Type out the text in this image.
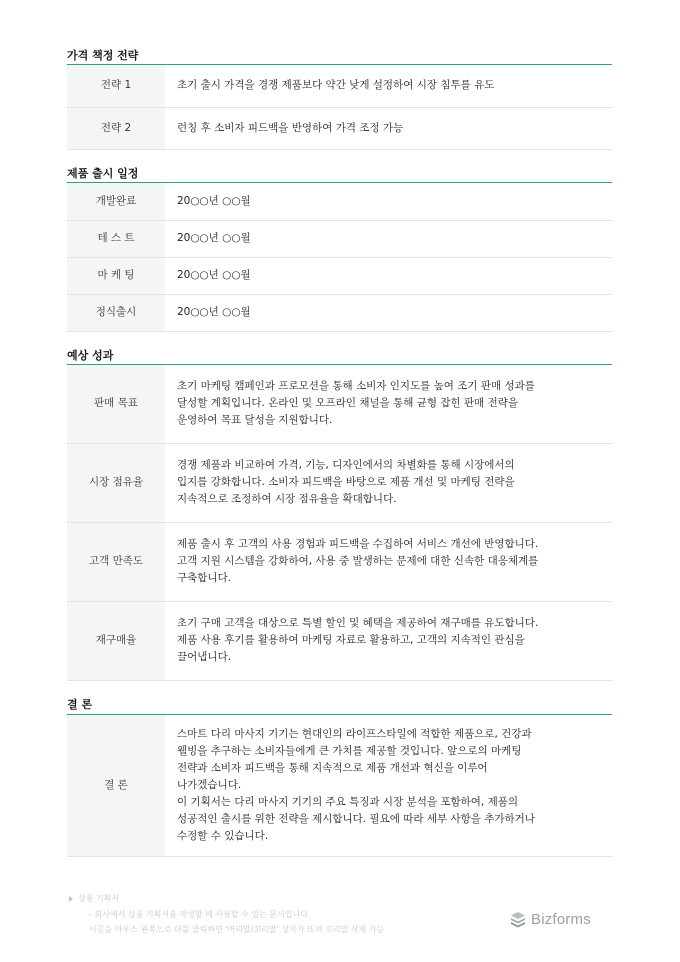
가격 책정 전략
전략 1	초기 출시 가격을 경쟁 제품보다 약간 낮게 설정하여 시장 침투를 유도
전략 2	런칭 후 소비자 피드백을 반영하여 가격 조정 가능
제품 출시 일정
개발완료	20○○년 ○○월
테 스 트	20○○년 ○○월
마 케 팅	20○○년 ○○월
정식출시	20○○년 ○○월
예상 성과
판매 목표	초기 마케팅 캠페인과 프로모션을 통해 소비자 인지도를 높여 조기 판매 성과를
달성할 계획입니다. 온라인 및 오프라인 채널을 통해 균형 잡힌 판매 전략을
운영하여 목표 달성을 지원합니다.

시장 점유율	경쟁 제품과 비교하여 가격, 기능, 디자인에서의 차별화를 통해 시장에서의
입지를 강화합니다. 소비자 피드백을 바탕으로 제품 개선 및 마케팅 전략을
지속적으로 조정하여 시장 점유율을 확대합니다.

고객 만족도	제품 출시 후 고객의 사용 경험과 피드백을 수집하여 서비스 개선에 반영합니다.
고객 지원 시스템을 강화하여, 사용 중 발생하는 문제에 대한 신속한 대응체계를
구축합니다.

재구매율	초기 구매 고객을 대상으로 특별 할인 및 혜택을 제공하여 재구매를 유도합니다.
제품 사용 후기를 활용하여 마케팅 자료로 활용하고, 고객의 지속적인 관심을
끌어냅니다.
결 론
결 론	
스마트 다리 마사지 기기는 현대인의 라이프스타일에 적합한 제품으로, 건강과
웰빙을 추구하는 소비자들에게 큰 가치를 제공할 것입니다. 앞으로의 마케팅
전략과 소비자 피드백을 통해 지속적으로 제품 개선과 혁신을 이루어
나가겠습니다.
이 기획서는 다리 마사지 기기의 주요 특징과 시장 분석을 포함하여, 제품의
성공적인 출시를 위한 전략을 제시합니다. 필요에 따라 세부 사항을 추가하거나
수정할 수 있습니다.
상품 기획서
- 회사에서 상품 기획서를 작성할 때 사용할 수 있는 문서입니다.
이곳을 마우스 왼쪽으로 더블 클릭하면 '머리말/꼬리말' 상자가 뜨며 꼬리말 삭제 가능
Bizforms
